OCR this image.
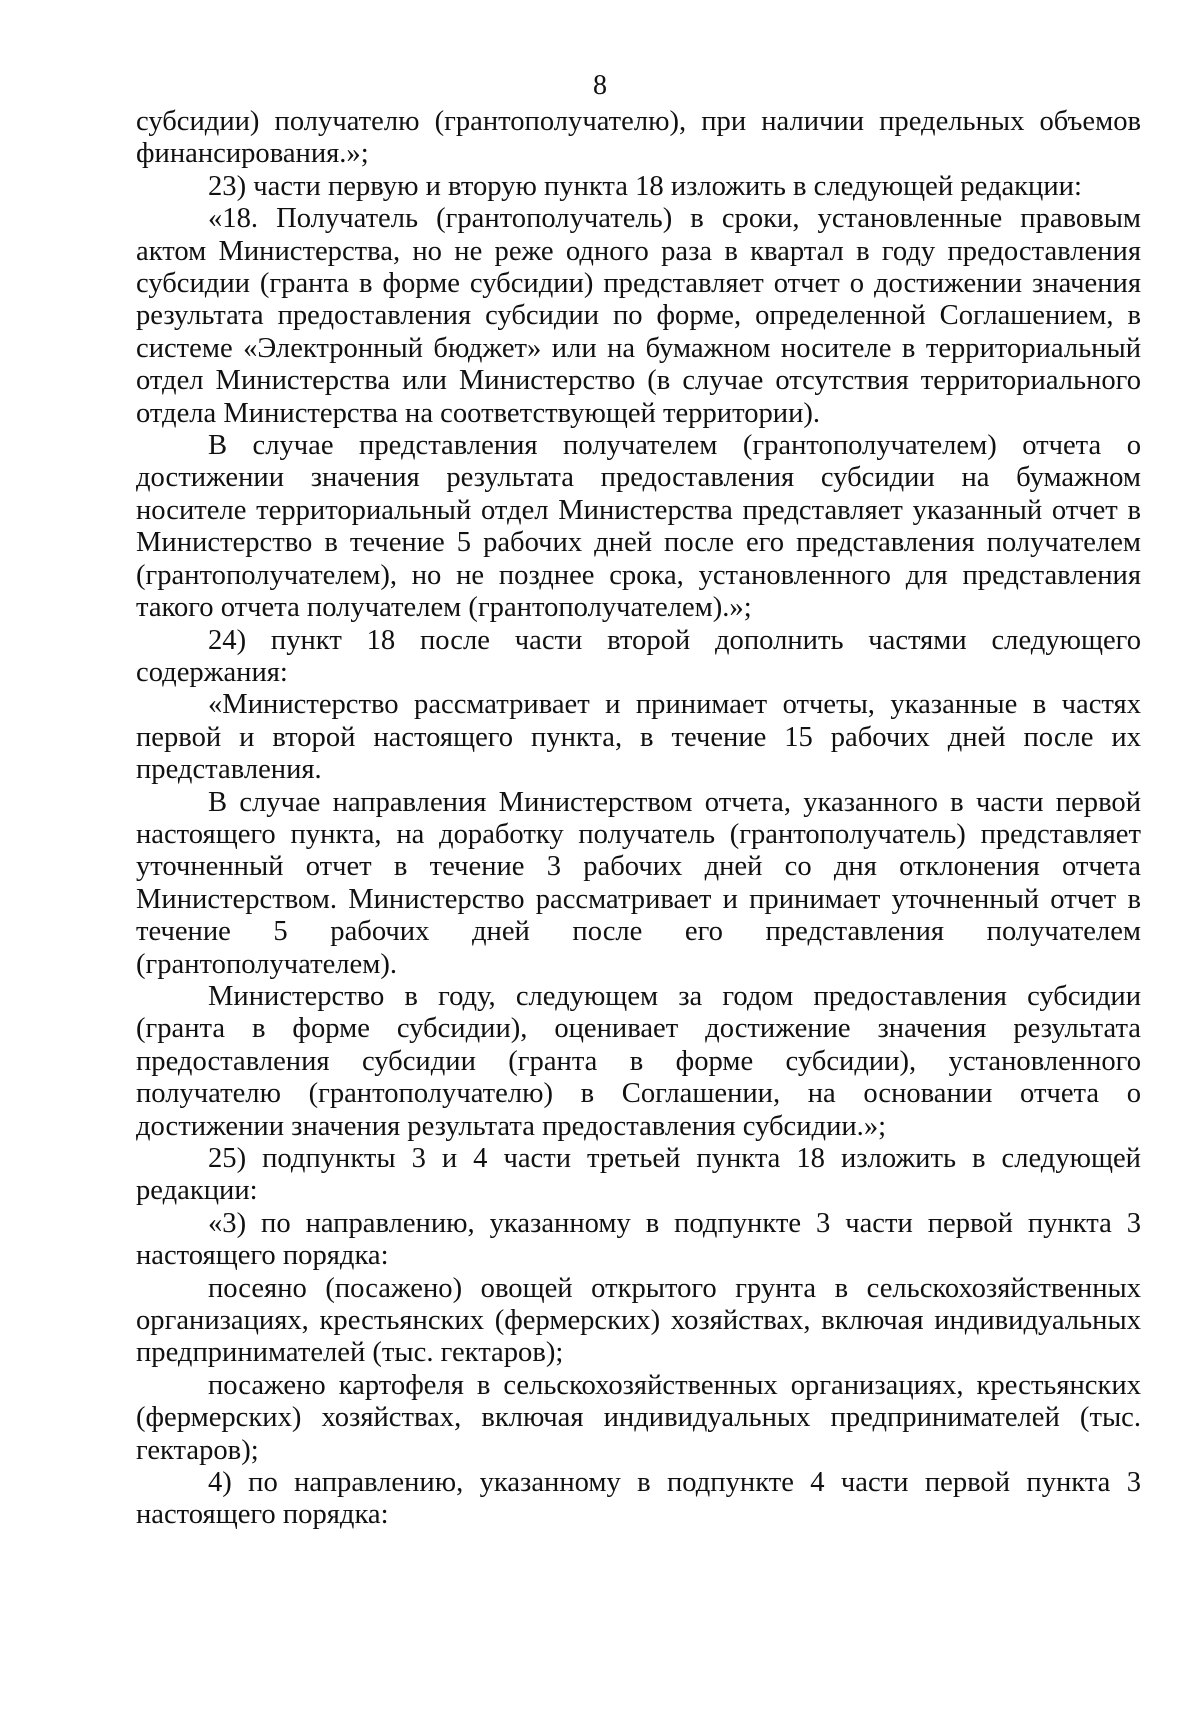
8

субсидии) получателю (грантополучателю), при наличии предельных объемов финансирования.»;

23) части первую и вторую пункта 18 изложить в следующей редакции:

«18. Получатель (грантополучатель) в сроки, установленные правовым актом Министерства, но не реже одного раза в квартал в году предоставления субсидии (гранта в форме субсидии) представляет отчет о достижении значения результата предоставления субсидии по форме, определенной Соглашением, в системе «Электронный бюджет» или на бумажном носителе в территориальный отдел Министерства или Министерство (в случае отсутствия территориального отдела Министерства на соответствующей территории).

В случае представления получателем (грантополучателем) отчета о достижении значения результата предоставления субсидии на бумажном носителе территориальный отдел Министерства представляет указанный отчет в Министерство в течение 5 рабочих дней после его представления получателем (грантополучателем), но не позднее срока, установленного для представления такого отчета получателем (грантополучателем).»;

24) пункт 18 после части второй дополнить частями следующего содержания:

«Министерство рассматривает и принимает отчеты, указанные в частях первой и второй настоящего пункта, в течение 15 рабочих дней после их представления.

В случае направления Министерством отчета, указанного в части первой настоящего пункта, на доработку получатель (грантополучатель) представляет уточненный отчет в течение 3 рабочих дней со дня отклонения отчета Министерством. Министерство рассматривает и принимает уточненный отчет в течение 5 рабочих дней после его представления получателем (грантополучателем).

Министерство в году, следующем за годом предоставления субсидии (гранта в форме субсидии), оценивает достижение значения результата предоставления субсидии (гранта в форме субсидии), установленного получателю (грантополучателю) в Соглашении, на основании отчета о достижении значения результата предоставления субсидии.»;

25) подпункты 3 и 4 части третьей пункта 18 изложить в следующей редакции:

«3) по направлению, указанному в подпункте 3 части первой пункта 3 настоящего порядка:

посеяно (посажено) овощей открытого грунта в сельскохозяйственных организациях, крестьянских (фермерских) хозяйствах, включая индивидуальных предпринимателей (тыс. гектаров);

посажено картофеля в сельскохозяйственных организациях, крестьянских (фермерских) хозяйствах, включая индивидуальных предпринимателей (тыс. гектаров);

4) по направлению, указанному в подпункте 4 части первой пункта 3 настоящего порядка:
